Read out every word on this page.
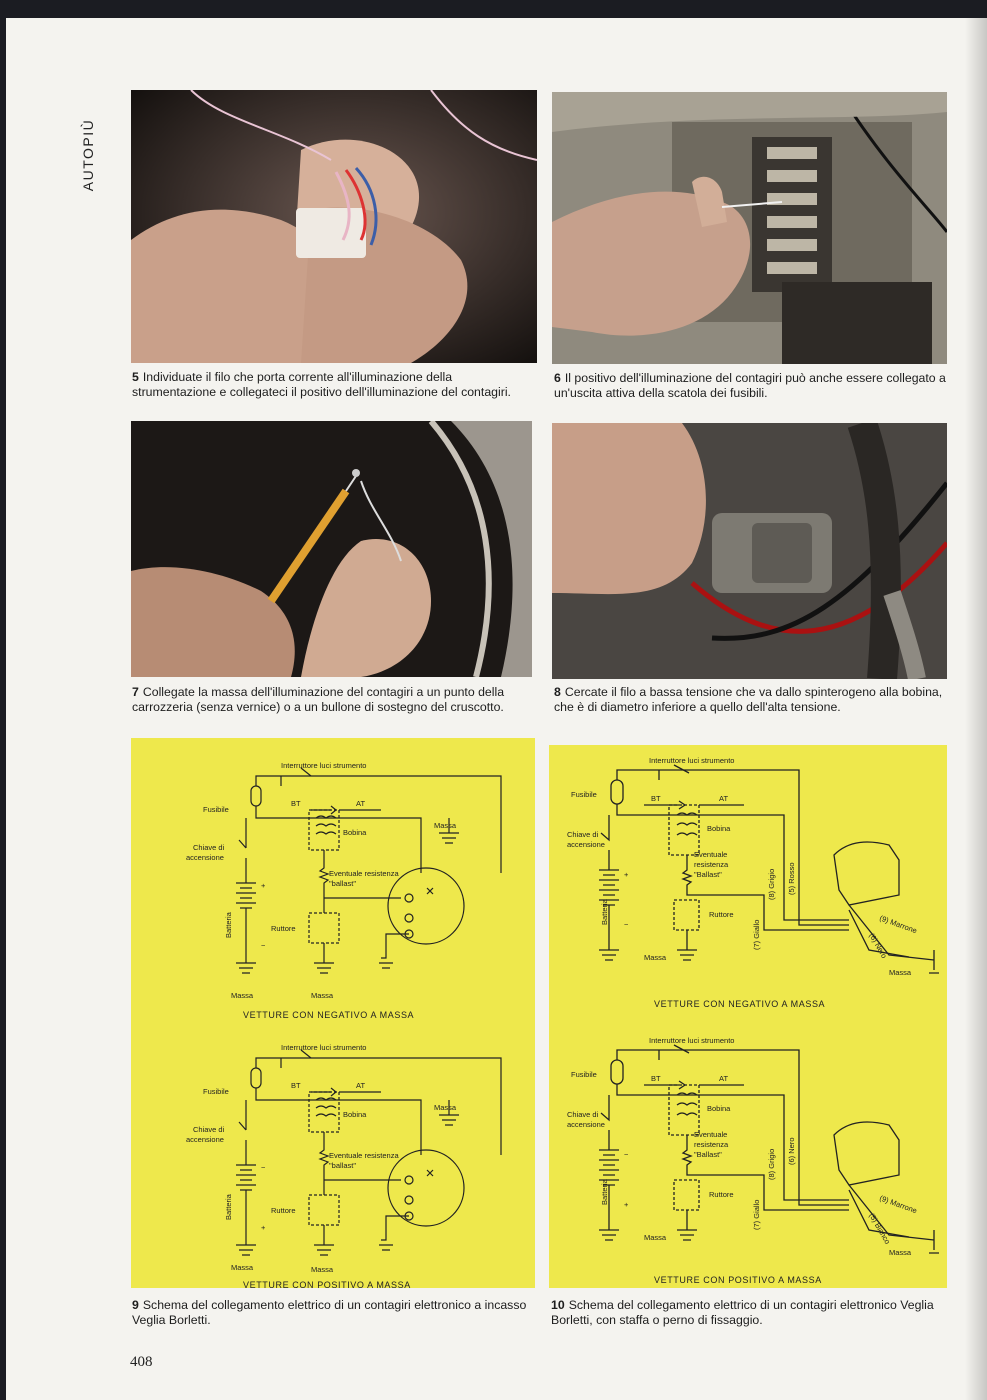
AUTOPIÙ
5 Individuate il filo che porta corrente all'illuminazione della strumentazione e collegateci il positivo dell'illuminazione del contagiri.
6 Il positivo dell'illuminazione del contagiri può anche essere collegato a un'uscita attiva della scatola dei fusibili.
7 Collegate la massa dell'illuminazione del contagiri a un punto della carrozzeria (senza vernice) o a un bullone di sostegno del cruscotto.
8 Cercate il filo a bassa tensione che va dallo spinterogeno alla bobina, che è di diametro inferiore a quello dell'alta tensione.
Fusibile
Interruttore luci strumento
BT	AT
Bobina
Chiave di
accensione
Eventuale resistenza
"ballast"
Ruttore
+
−
Massa
Massa	Massa
Batteria
VETTURE CON NEGATIVO A MASSA
Fusibile
Interruttore luci strumento
BT	AT
Bobina
Chiave di
accensione
Eventuale resistenza
"ballast"
Ruttore
−
+
Massa
Massa	Massa
Batteria
VETTURE CON POSITIVO A MASSA
Interruttore luci strumento
Fusibile	BT	AT
Bobina
Chiave di
accensione
Eventuale
resistenza
"Ballast"
Ruttore
+
−
Massa
Massa
Batteria
(8) Grigio (5) Rosso
(7) Giallo	(9) Marrone
(6) Nero
VETTURE CON NEGATIVO A MASSA
Interruttore luci strumento
Fusibile	BT	AT
Bobina
Chiave di
accensione
Eventuale
resistenza
"Ballast"
Ruttore
−
+
Massa
Massa
Batteria
(8) Grigio (6) Nero
(7) Giallo	(9) Marrone
(5) Bianco
VETTURE CON POSITIVO A MASSA
9 Schema del collegamento elettrico di un contagiri elettronico a incasso Veglia Borletti.
10 Schema del collegamento elettrico di un contagiri elettronico Veglia Borletti, con staffa o perno di fissaggio.
408
